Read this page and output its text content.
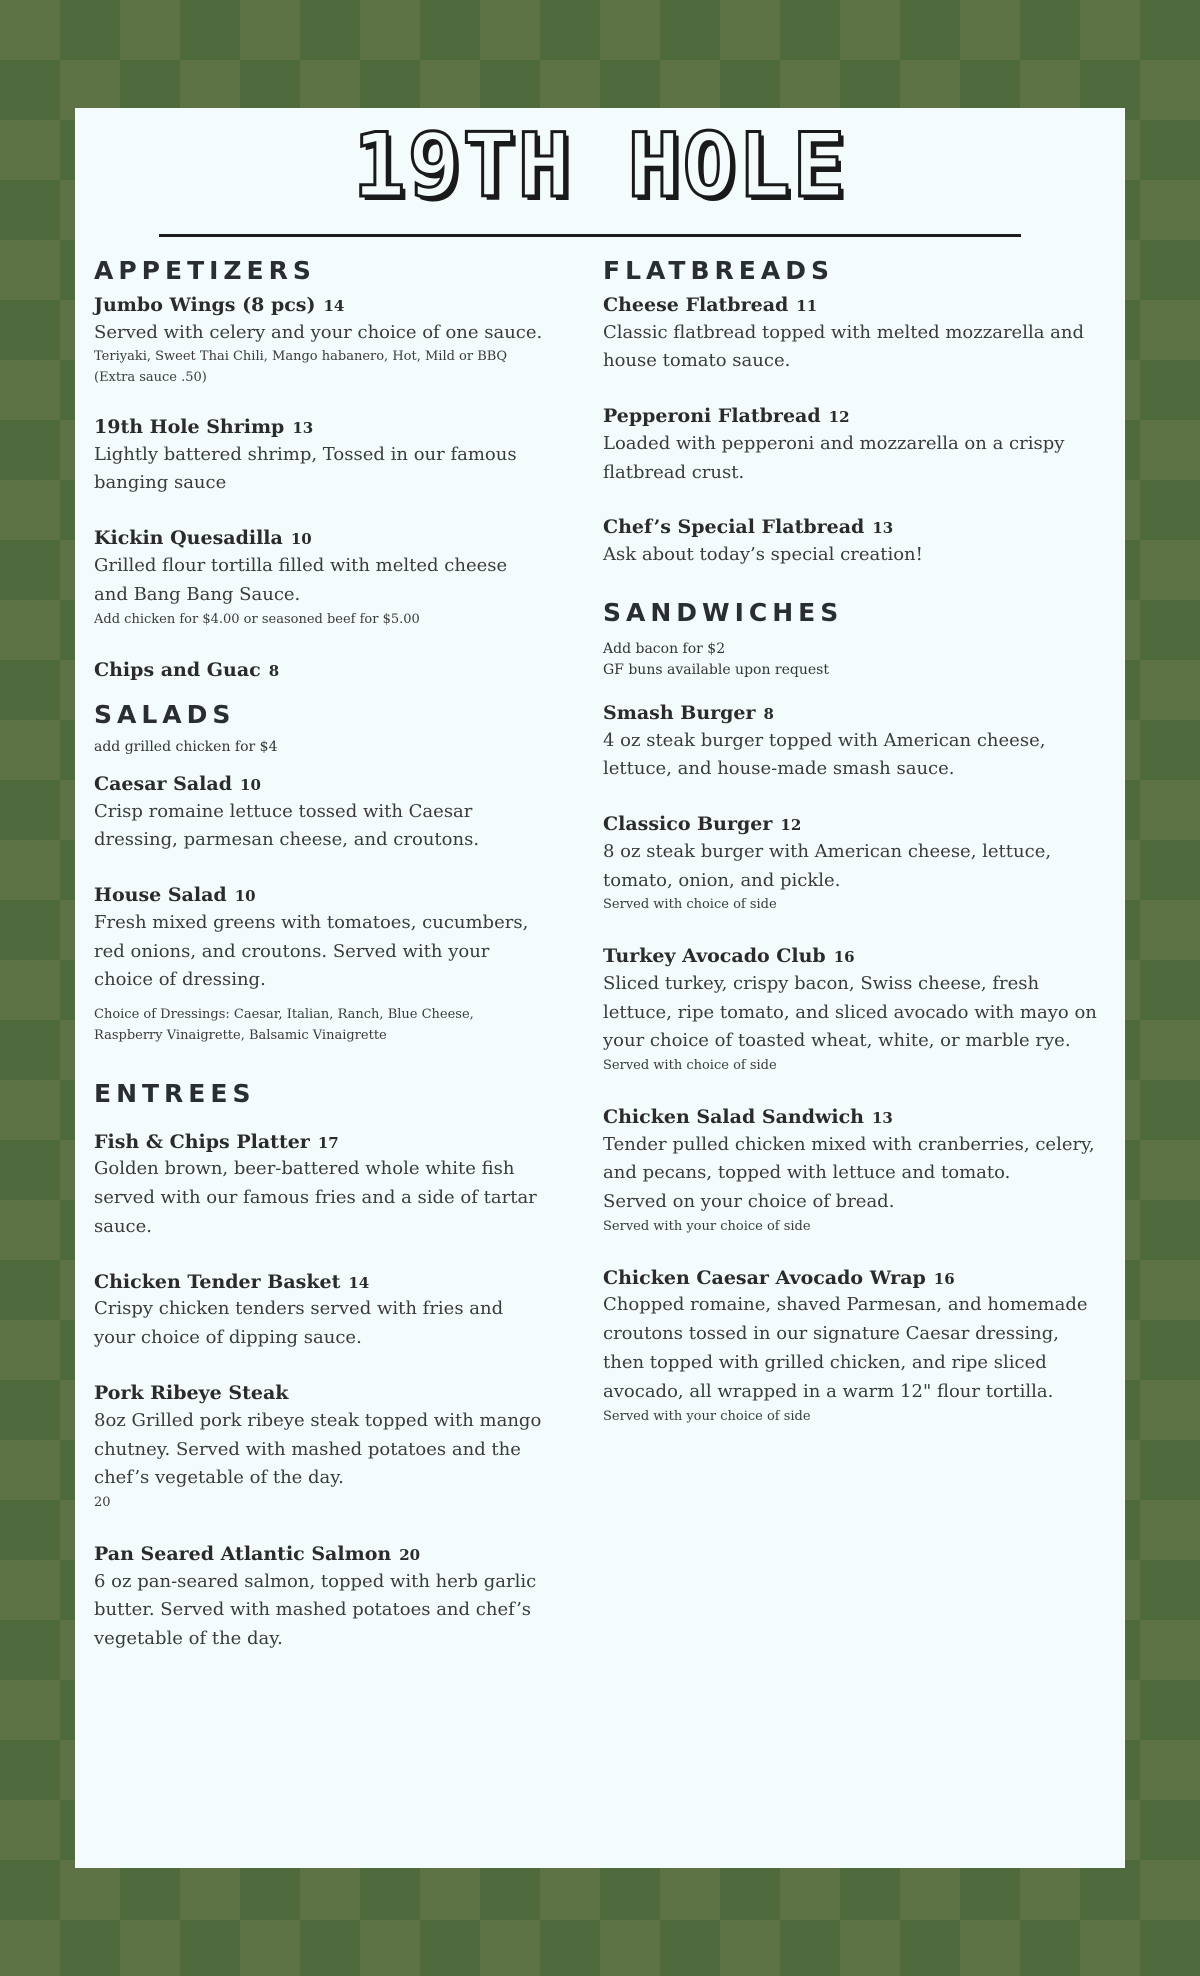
19TH HOLE
APPETIZERS
Jumbo Wings (8 pcs) 14
Served with celery and your choice of one sauce.
Teriyaki, Sweet Thai Chili, Mango habanero, Hot, Mild or BBQ (Extra sauce .50)
19th Hole Shrimp 13
Lightly battered shrimp, Tossed in our famous banging sauce
Kickin Quesadilla 10
Grilled flour tortilla filled with melted cheese and Bang Bang Sauce.
Add chicken for $4.00 or seasoned beef for $5.00
Chips and Guac 8
SALADS
add grilled chicken for $4
Caesar Salad 10
Crisp romaine lettuce tossed with Caesar dressing, parmesan cheese, and croutons.
House Salad 10
Fresh mixed greens with tomatoes, cucumbers, red onions, and croutons. Served with your choice of dressing.
Choice of Dressings: Caesar, Italian, Ranch, Blue Cheese, Raspberry Vinaigrette, Balsamic Vinaigrette
ENTREES
Fish & Chips Platter 17
Golden brown, beer-battered whole white fish served with our famous fries and a side of tartar sauce.
Chicken Tender Basket 14
Crispy chicken tenders served with fries and your choice of dipping sauce.
Pork Ribeye Steak
8oz Grilled pork ribeye steak topped with mango chutney. Served with mashed potatoes and the chef’s vegetable of the day.
20
Pan Seared Atlantic Salmon 20
6 oz pan-seared salmon, topped with herb garlic butter. Served with mashed potatoes and chef’s vegetable of the day.
FLATBREADS
Cheese Flatbread 11
Classic flatbread topped with melted mozzarella and house tomato sauce.
Pepperoni Flatbread 12
Loaded with pepperoni and mozzarella on a crispy flatbread crust.
Chef’s Special Flatbread 13
Ask about today’s special creation!
SANDWICHES
Add bacon for $2
GF buns available upon request
Smash Burger 8
4 oz steak burger topped with American cheese, lettuce, and house-made smash sauce.
Classico Burger 12
8 oz steak burger with American cheese, lettuce, tomato, onion, and pickle.
Served with choice of side
Turkey Avocado Club 16
Sliced turkey, crispy bacon, Swiss cheese, fresh lettuce, ripe tomato, and sliced avocado with mayo on your choice of toasted wheat, white, or marble rye.
Served with choice of side
Chicken Salad Sandwich 13
Tender pulled chicken mixed with cranberries, celery, and pecans, topped with lettuce and tomato.
Served on your choice of bread.
Served with your choice of side
Chicken Caesar Avocado Wrap 16
Chopped romaine, shaved Parmesan, and homemade croutons tossed in our signature Caesar dressing, then topped with grilled chicken, and ripe sliced avocado, all wrapped in a warm 12" flour tortilla.
Served with your choice of side
